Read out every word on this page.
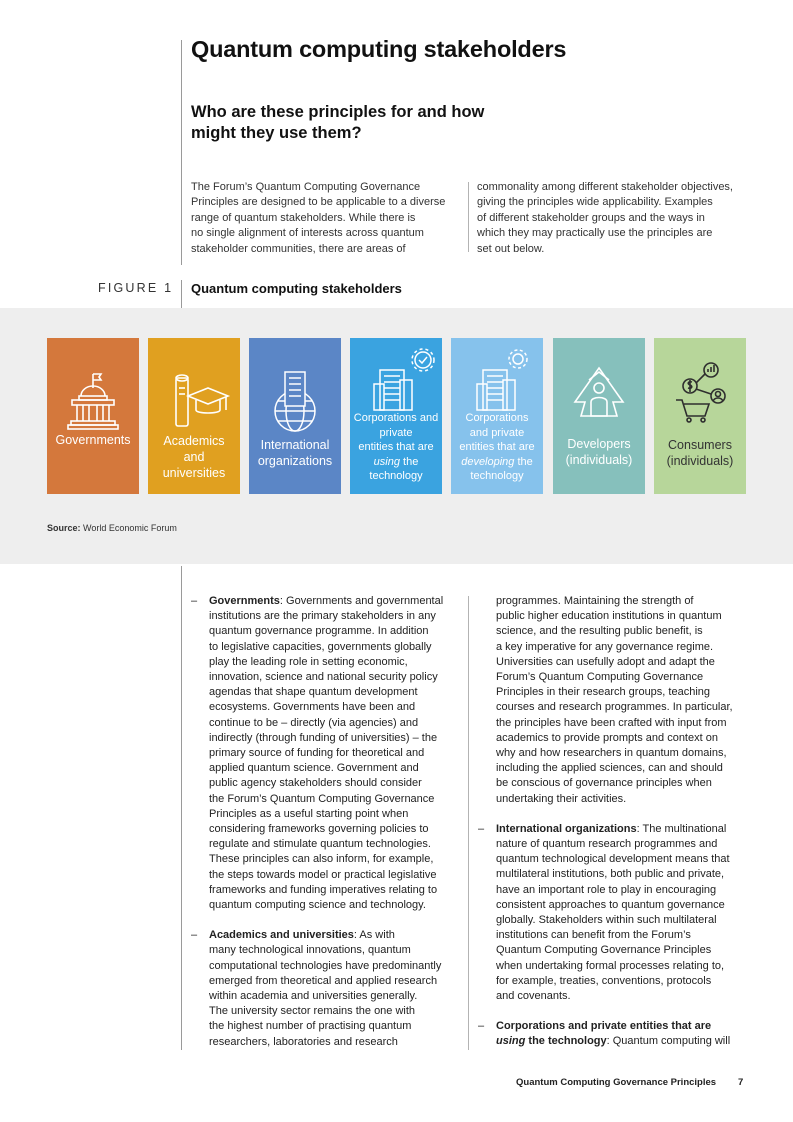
Quantum computing stakeholders
Who are these principles for and how
might they use them?
The Forum’s Quantum Computing Governance
Principles are designed to be applicable to a diverse
range of quantum stakeholders. While there is
no single alignment of interests across quantum
stakeholder communities, there are areas of
commonality among different stakeholder objectives,
giving the principles wide applicability. Examples
of different stakeholder groups and the ways in
which they may practically use the principles are
set out below.
FIGURE 1 Quantum computing stakeholders
Governments	Academics
and
universities
International
organizations
Corporations and
private
entities that are
using the
technology
Corporations
and private
entities that are
developing the
technology
Developers
(individuals)
Consumers
(individuals)
Source: World Economic Forum
– Governments: Governments and governmental
institutions are the primary stakeholders in any
quantum governance programme. In addition
to legislative capacities, governments globally
play the leading role in setting economic,
innovation, science and national security policy
agendas that shape quantum development
ecosystems. Governments have been and
continue to be – directly (via agencies) and
indirectly (through funding of universities) – the
primary source of funding for theoretical and
applied quantum science. Government and
public agency stakeholders should consider
the Forum’s Quantum Computing Governance
Principles as a useful starting point when
considering frameworks governing policies to
regulate and stimulate quantum technologies.
These principles can also inform, for example,
the steps towards model or practical legislative
frameworks and funding imperatives relating to
quantum computing science and technology.
– Academics and universities: As with
many technological innovations, quantum
computational technologies have predominantly
emerged from theoretical and applied research
within academia and universities generally.
The university sector remains the one with
the highest number of practising quantum
researchers, laboratories and research
programmes. Maintaining the strength of
public higher education institutions in quantum
science, and the resulting public benefit, is
a key imperative for any governance regime.
Universities can usefully adopt and adapt the
Forum’s Quantum Computing Governance
Principles in their research groups, teaching
courses and research programmes. In particular,
the principles have been crafted with input from
academics to provide prompts and context on
why and how researchers in quantum domains,
including the applied sciences, can and should
be conscious of governance principles when
undertaking their activities.
– International organizations: The multinational
nature of quantum research programmes and
quantum technological development means that
multilateral institutions, both public and private,
have an important role to play in encouraging
consistent approaches to quantum governance
globally. Stakeholders within such multilateral
institutions can benefit from the Forum’s
Quantum Computing Governance Principles
when undertaking formal processes relating to,
for example, treaties, conventions, protocols
and covenants.
– Corporations and private entities that are
using the technology: Quantum computing will
Quantum Computing Governance Principles 7
